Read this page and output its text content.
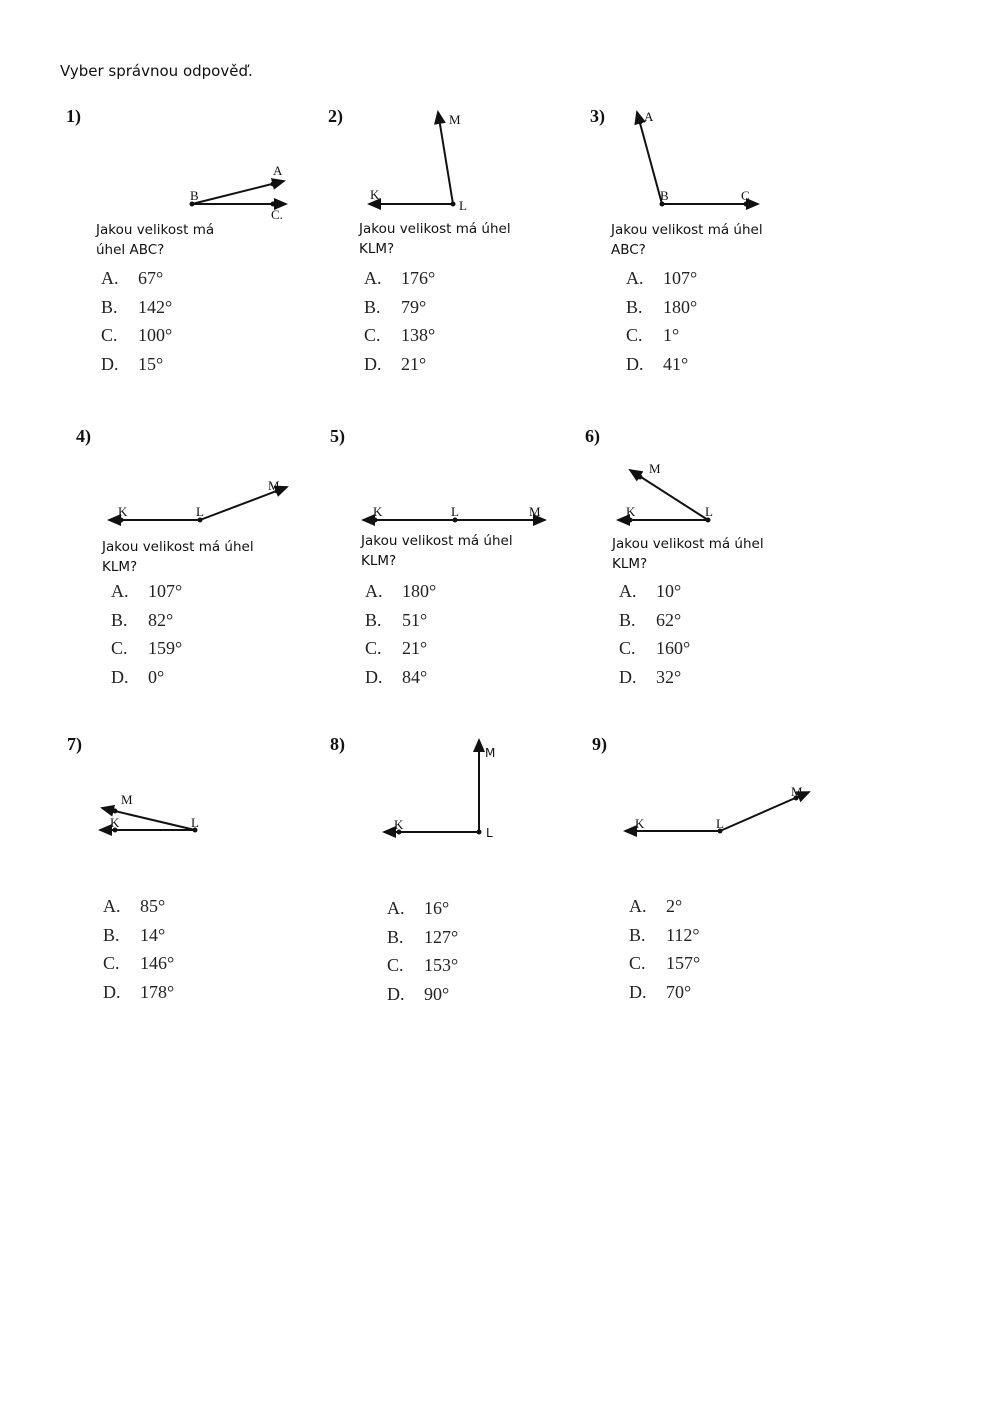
Vyber správnou odpověď.
1)
A
B
C.
Jakou velikost má
úhel ABC?
A. 67°
B. 142°
C. 100°
D. 15°
2)	M
K
L
Jakou velikost má úhel
KLM?
A. 176°
B. 79°
C. 138°
D. 21°
3)	A
B	C
Jakou velikost má úhel
ABC?
A. 107°
B. 180°
C. 1°
D. 41°
4)
K	L
M
Jakou velikost má úhel
KLM?
A. 107°
B. 82°
C. 159°
D. 0°
5)
K	L	M
Jakou velikost má úhel
KLM?
A. 180°
B. 51°
C. 21°
D. 84°
6)
M
K	L
Jakou velikost má úhel
KLM?
A. 10°
B. 62°
C. 160°
D. 32°
7)
M
K	L
A. 85°
B. 14°
C. 146°
D. 178°
8)	M
K
L
A. 16°
B. 127°
C. 153°
D. 90°
9)
K	L
M
A. 2°
B. 112°
C. 157°
D. 70°
